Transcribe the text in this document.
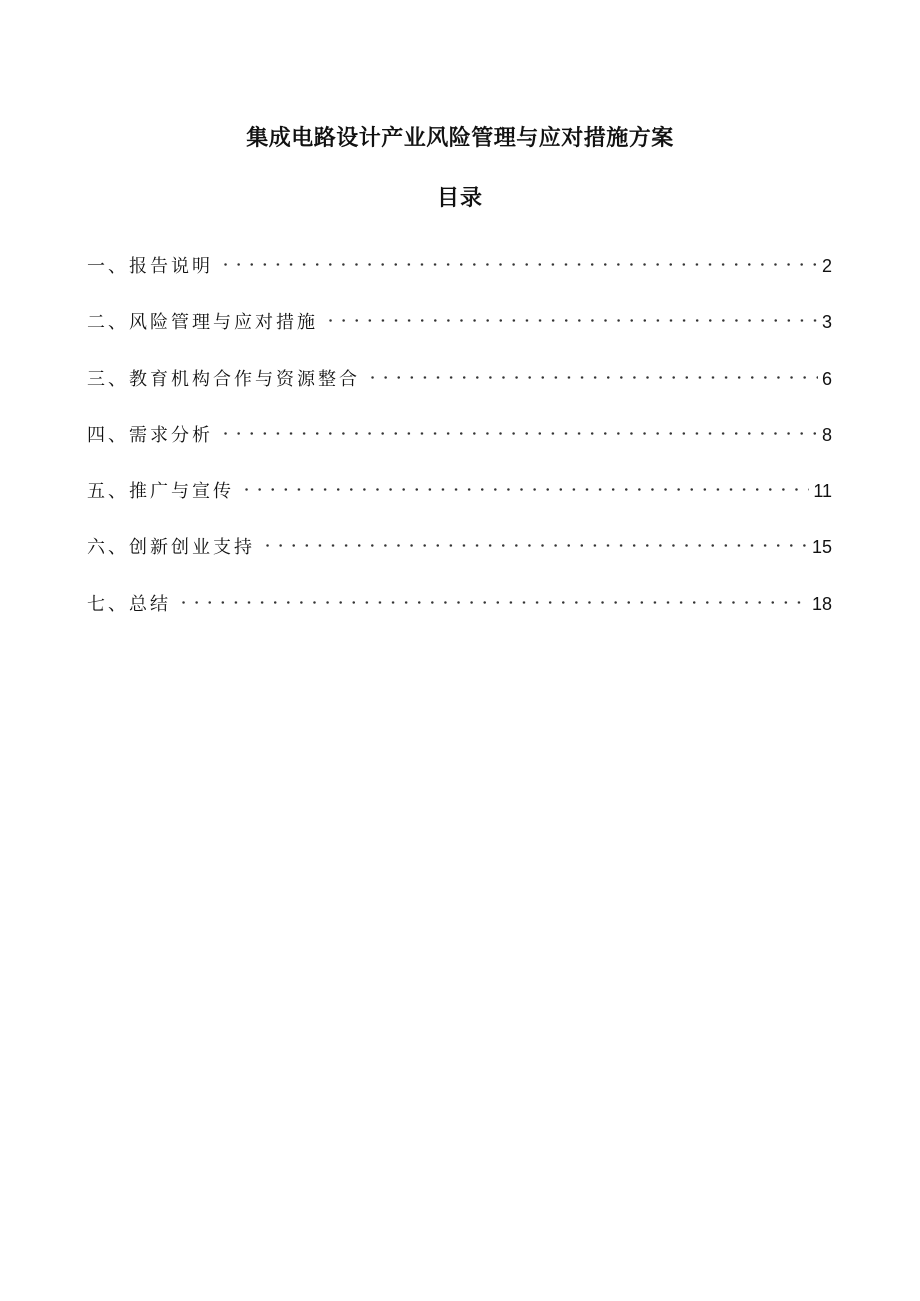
集成电路设计产业风险管理与应对措施方案
目录
一、报告说明	2
二、风险管理与应对措施	3
三、教育机构合作与资源整合	6
四、需求分析	8
五、推广与宣传	11
六、创新创业支持	15
七、总结	18
